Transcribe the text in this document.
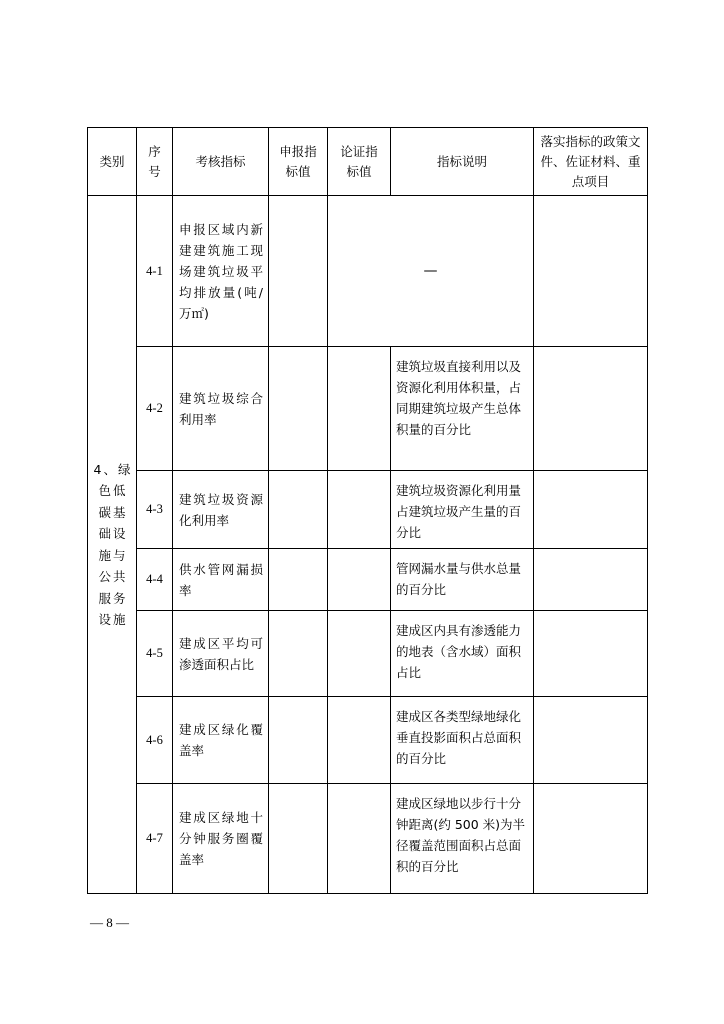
类别	序号	考核指标	申报指标值	论证指标值	指标说明	落实指标的政策文件、佐证材料、重点项目
4、绿色低碳基础设施与公共服务设施	4-1	申报区域内新建建筑施工现场建筑垃圾平均排放量(吨/万㎡)		—		
	4-2	建筑垃圾综合利用率			建筑垃圾直接利用以及资源化利用体积量，占同期建筑垃圾产生总体积量的百分比	
	4-3	建筑垃圾资源化利用率			建筑垃圾资源化利用量占建筑垃圾产生量的百分比	
	4-4	供水管网漏损率			管网漏水量与供水总量的百分比	
	4-5	建成区平均可渗透面积占比			建成区内具有渗透能力的地表（含水域）面积占比	
	4-6	建成区绿化覆盖率			建成区各类型绿地绿化垂直投影面积占总面积的百分比	
	4-7	建成区绿地十分钟服务圈覆盖率			建成区绿地以步行十分钟距离(约 500 米)为半径覆盖范围面积占总面积的百分比	
— 8 —
